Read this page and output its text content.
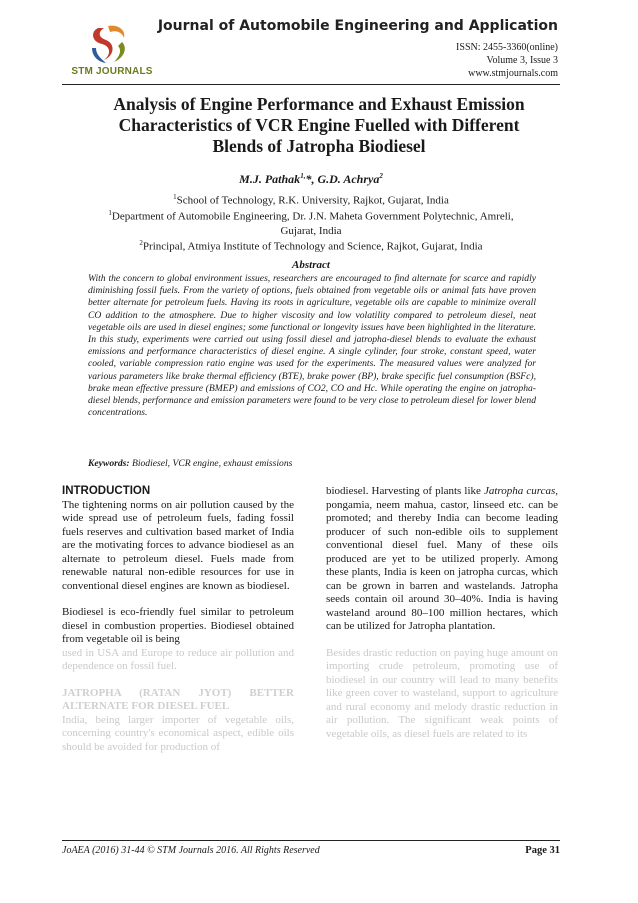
STM JOURNALS
Journal of Automobile Engineering and Application
ISSN: 2455-3360(online)
Volume 3, Issue 3
www.stmjournals.com
Analysis of Engine Performance and Exhaust Emission
Characteristics of VCR Engine Fuelled with Different
Blends of Jatropha Biodiesel
M.J. Pathak$^{1,}$*, G.D. Achrya$^2$
$^1$School of Technology, R.K. University, Rajkot, Gujarat, India
$^1$Department of Automobile Engineering, Dr. J.N. Maheta Government Polytechnic, Amreli,
Gujarat, India
$^2$Principal, Atmiya Institute of Technology and Science, Rajkot, Gujarat, India
Abstract
With the concern to global environment issues, researchers are encouraged to find alternate for scarce and rapidly diminishing fossil fuels. From the variety of options, fuels obtained from vegetable oils or animal fats have proven better alternate for petroleum fuels. Having its roots in agriculture, vegetable oils are capable to minimize overall CO addition to the atmosphere. Due to higher viscosity and low volatility compared to petroleum diesel, neat vegetable oils are used in diesel engines; some functional or longevity issues have been highlighted in the literature. In this study, experiments were carried out using fossil diesel and jatropha-diesel blends to evaluate the exhaust emissions and performance characteristics of diesel engine. A single cylinder, four stroke, constant speed, water cooled, variable compression ratio engine was used for the experiments. The measured values were analyzed for various parameters like brake thermal efficiency (BTE), brake power (BP), brake specific fuel consumption (BSFc), brake mean effective pressure (BMEP) and emissions of CO2, CO and Hc. While operating the engine on jatropha-diesel blends, performance and emission parameters were found to be very close to petroleum diesel for lower blend concentrations.
Keywords: Biodiesel, VCR engine, exhaust emissions

INTRODUCTION

The tightening norms on air pollution caused by the wide spread use of petroleum fuels, fading fossil fuels reserves and cultivation based market of India are the motivating forces to advance biodiesel as an alternate to petroleum diesel. Fuels made from renewable natural non-edible resources for use in conventional diesel engines are known as biodiesel.

Biodiesel is eco-friendly fuel similar to petroleum diesel in combustion properties. Biodiesel obtained from vegetable oil is being

used in USA and Europe to reduce air pollution and dependence on fossil fuel.

JATROPHA (RATAN JYOT) BETTER ALTERNATE FOR DIESEL FUEL

India, being larger importer of vegetable oils, concerning country's economical aspect, edible oils should be avoided for production of

biodiesel. Harvesting of plants like Jatropha curcas, pongamia, neem mahua, castor, linseed etc. can be promoted; and thereby India can become leading producer of such non-edible oils to supplement conventional diesel fuel. Many of these oils produced are yet to be utilized properly. Among these plants, India is keen on jatropha curcas, which can be grown in barren and wastelands. Jatropha seeds contain oil around 30–40%. India is having wasteland around 80–100 million hectares, which can be utilized for Jatropha plantation.

Besides drastic reduction on paying huge amount on importing crude petroleum, promoting use of biodiesel in our country will lead to many benefits like green cover to wasteland, support to agriculture and rural economy and melody drastic reduction in air pollution. The significant weak points of vegetable oils, as diesel fuels are related to its

JoAEA (2016) 31-44 © STM Journals 2016. All Rights Reserved	Page 31
